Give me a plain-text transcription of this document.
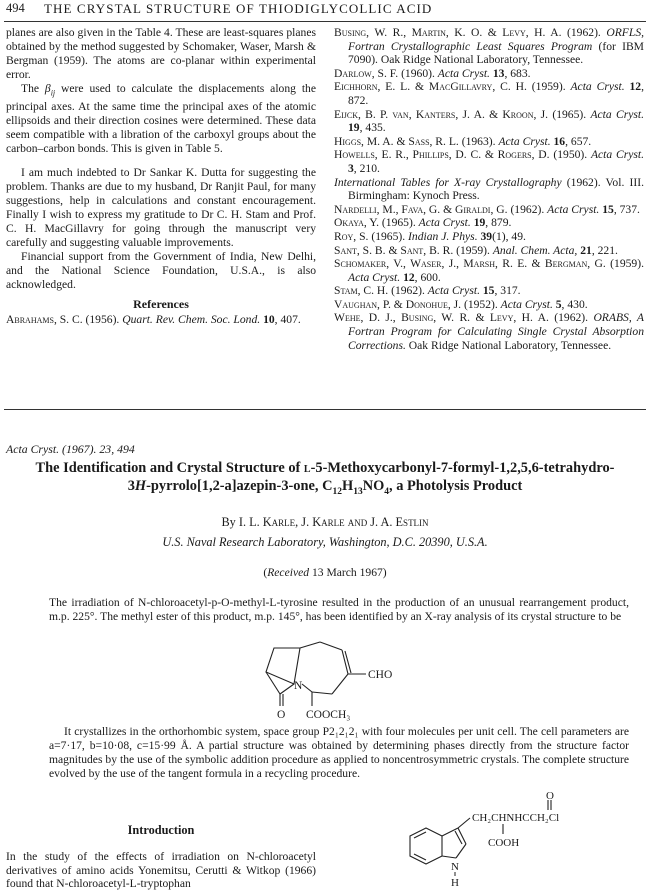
494 THE CRYSTAL STRUCTURE OF THIODIGLYCOLLIC ACID

planes are also given in the Table 4. These are least-squares planes obtained by the method suggested by Schomaker, Waser, Marsh & Bergman (1959). The atoms are co-planar within experimental error.

The $\beta_{ij}$ were used to calculate the displacements along the principal axes. At the same time the principal axes of the atomic ellipsoids and their direction cosines were determined. These data seem compatible with a libration of the carboxyl groups about the carbon–carbon bonds. This is given in Table 5.

I am much indebted to Dr Sankar K. Dutta for suggesting the problem. Thanks are due to my husband, Dr Ranjit Paul, for many suggestions, help in calculations and constant encouragement. Finally I wish to express my gratitude to Dr C. H. Stam and Prof. C. H. MacGillavry for going through the manuscript very carefully and suggesting valuable improvements.

Financial support from the Government of India, New Delhi, and the National Science Foundation, U.S.A., is also acknowledged.

References

Abrahams, S. C. (1956). Quart. Rev. Chem. Soc. Lond. 10, 407.

Busing, W. R., Martin, K. O. & Levy, H. A. (1962). ORFLS, Fortran Crystallographic Least Squares Program (for IBM 7090). Oak Ridge National Laboratory, Tennessee.

Darlow, S. F. (1960). Acta Cryst. 13, 683.

Eichhorn, E. L. & MacGillavry, C. H. (1959). Acta Cryst. 12, 872.

Eijck, B. P. van, Kanters, J. A. & Kroon, J. (1965). Acta Cryst. 19, 435.

Higgs, M. A. & Sass, R. L. (1963). Acta Cryst. 16, 657.

Howells, E. R., Phillips, D. C. & Rogers, D. (1950). Acta Cryst. 3, 210.

International Tables for X-ray Crystallography (1962). Vol. III. Birmingham: Kynoch Press.

Nardelli, M., Fava, G. & Giraldi, G. (1962). Acta Cryst. 15, 737.

Okaya, Y. (1965). Acta Cryst. 19, 879.

Roy, S. (1965). Indian J. Phys. 39(1), 49.

Sant, S. B. & Sant, B. R. (1959). Anal. Chem. Acta, 21, 221.

Schomaker, V., Waser, J., Marsh, R. E. & Bergman, G. (1959). Acta Cryst. 12, 600.

Stam, C. H. (1962). Acta Cryst. 15, 317.

Vaughan, P. & Donohue, J. (1952). Acta Cryst. 5, 430.

Wehe, D. J., Busing, W. R. & Levy, H. A. (1962). ORABS, A Fortran Program for Calculating Single Crystal Absorption Corrections. Oak Ridge National Laboratory, Tennessee.

Acta Cryst. (1967). 23, 494
The Identification and Crystal Structure of l-5-Methoxycarbonyl-7-formyl-1,2,5,6-tetrahydro-
3H-pyrrolo[1,2-a]azepin-3-one, $C_{12}H_{13}NO_4$, a Photolysis Product
By I. L. Karle, J. Karle and J. A. Estlin
U.S. Naval Research Laboratory, Washington, D.C. 20390, U.S.A.
(Received 13 March 1967)

The irradiation of N-chloroacetyl-p-O-methyl-L-tyrosine resulted in the production of an unusual rearrangement product, m.p. 225°. The methyl ester of this product, m.p. 145°, has been identified by an X-ray analysis of its crystal structure to be

CHO
N
O COOCH₃

It crystallizes in the orthorhombic system, space group P2₁2₁2₁ with four molecules per unit cell. The cell parameters are a=7·17, b=10·08, c=15·99 Å. A partial structure was obtained by determining phases directly from the structure factor magnitudes by the use of the symbolic addition procedure as applied to noncentrosymmetric crystals. The complete structure evolved by the use of the tangent formula in a recycling procedure.

Introduction
In the study of the effects of irradiation on N-chloroacetyl derivatives of amino acids Yonemitsu, Cerutti & Witkop (1966) found that N-chloroacetyl-L-tryptophan
O
CH₂CHNHCCH₂Cl
COOH
N
H
